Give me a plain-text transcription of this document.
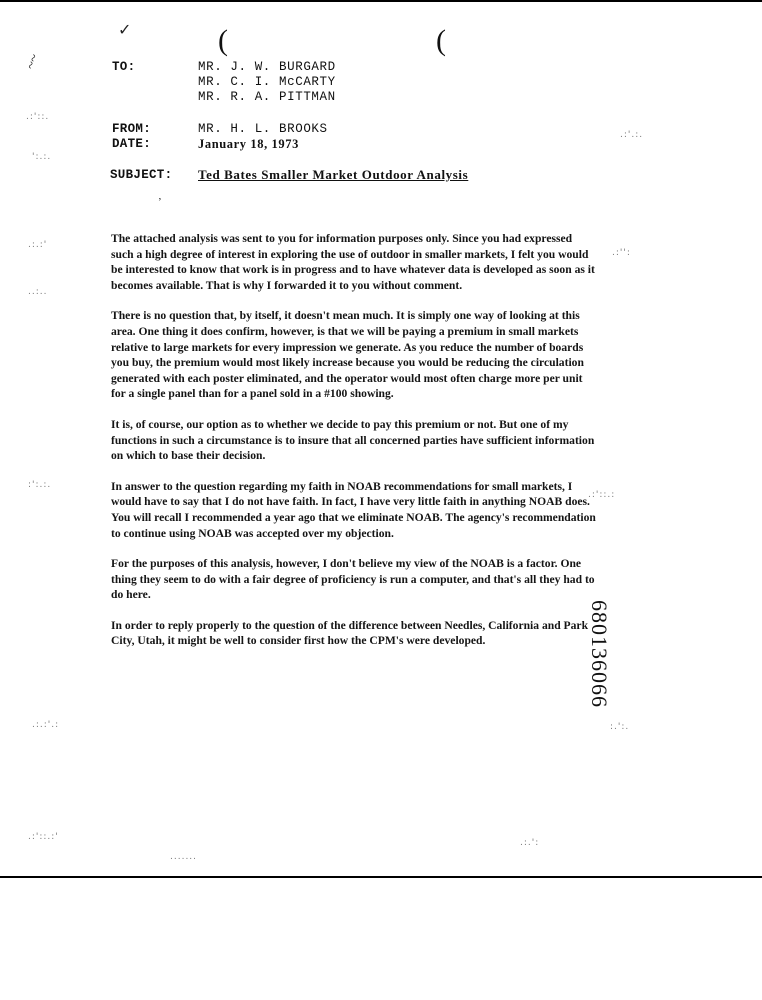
✓	(	(
~~
.:'::.
':.:.
.:'.:.
.:.:'
.:'':
..:..
:':.:.
.:'::.:
.:.:'.:	:.':.
.:'::.:'
.:.':
.......
TO:	MR. J. W. BURGARD
MR. C. I. McCARTY
MR. R. A. PITTMAN
FROM:	MR. H. L. BROOKS
DATE:	January 18, 1973
SUBJECT: Ted Bates Smaller Market Outdoor Analysis
’

The attached analysis was sent to you for information purposes only. Since you had expressed such a high degree of interest in exploring the use of outdoor in smaller markets, I felt you would be interested to know that work is in progress and to have whatever data is developed as soon as it becomes available. That is why I forwarded it to you without comment.

There is no question that, by itself, it doesn't mean much. It is simply one way of looking at this area. One thing it does confirm, however, is that we will be paying a premium in small markets relative to large markets for every impression we generate. As you reduce the number of boards you buy, the premium would most likely increase because you would be reducing the circulation generated with each poster eliminated, and the operator would most often charge more per unit for a single panel than for a panel sold in a #100 showing.

It is, of course, our option as to whether we decide to pay this premium or not. But one of my functions in such a circumstance is to insure that all concerned parties have sufficient information on which to base their decision.

In answer to the question regarding my faith in NOAB recommendations for small markets, I would have to say that I do not have faith. In fact, I have very little faith in anything NOAB does. You will recall I recommended a year ago that we eliminate NOAB. The agency's recommendation to continue using NOAB was accepted over my objection.

For the purposes of this analysis, however, I don't believe my view of the NOAB is a factor. One thing they seem to do with a fair degree of proficiency is run a computer, and that's all they had to do here.

In order to reply properly to the question of the difference between Needles, California and Park City, Utah, it might be well to consider first how the CPM's were developed.	680136066
